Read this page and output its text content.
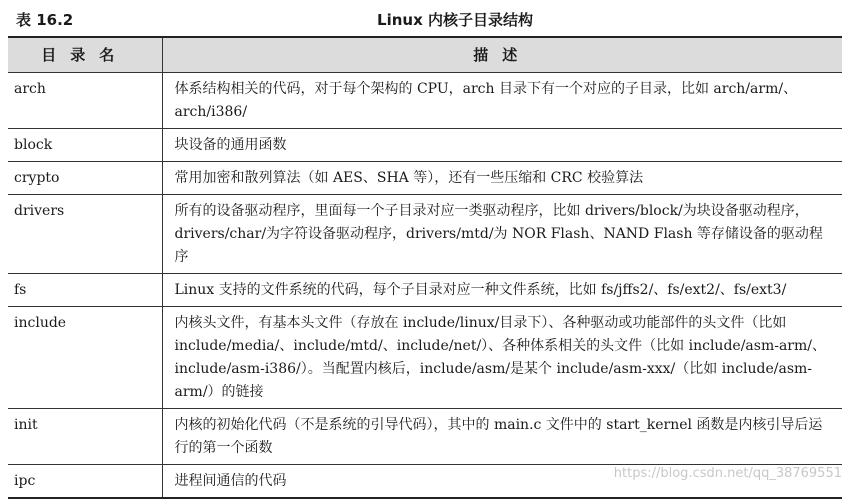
表 16.2	Linux 内核子目录结构
目录名	描述
arch	体系结构相关的代码，对于每个架构的 CPU，arch 目录下有一个对应的子目录，比如 arch/arm/、arch/i386/
block	块设备的通用函数
crypto	常用加密和散列算法（如 AES、SHA 等），还有一些压缩和 CRC 校验算法
drivers	所有的设备驱动程序，里面每一个子目录对应一类驱动程序，比如 drivers/block/为块设备驱动程序，drivers/char/为字符设备驱动程序，drivers/mtd/为 NOR Flash、NAND Flash 等存储设备的驱动程序
fs	Linux 支持的文件系统的代码，每个子目录对应一种文件系统，比如 fs/jffs2/、fs/ext2/、fs/ext3/
include	内核头文件，有基本头文件（存放在 include/linux/目录下）、各种驱动或功能部件的头文件（比如 include/media/、include/mtd/、include/net/）、各种体系相关的头文件（比如 include/asm-arm/、include/asm-i386/）。当配置内核后，include/asm/是某个 include/asm-xxx/（比如 include/asm-arm/）的链接
init	内核的初始化代码（不是系统的引导代码），其中的 main.c 文件中的 start_kernel 函数是内核引导后运行的第一个函数
ipc	进程间通信的代码	https://blog.csdn.net/qq_38769551
